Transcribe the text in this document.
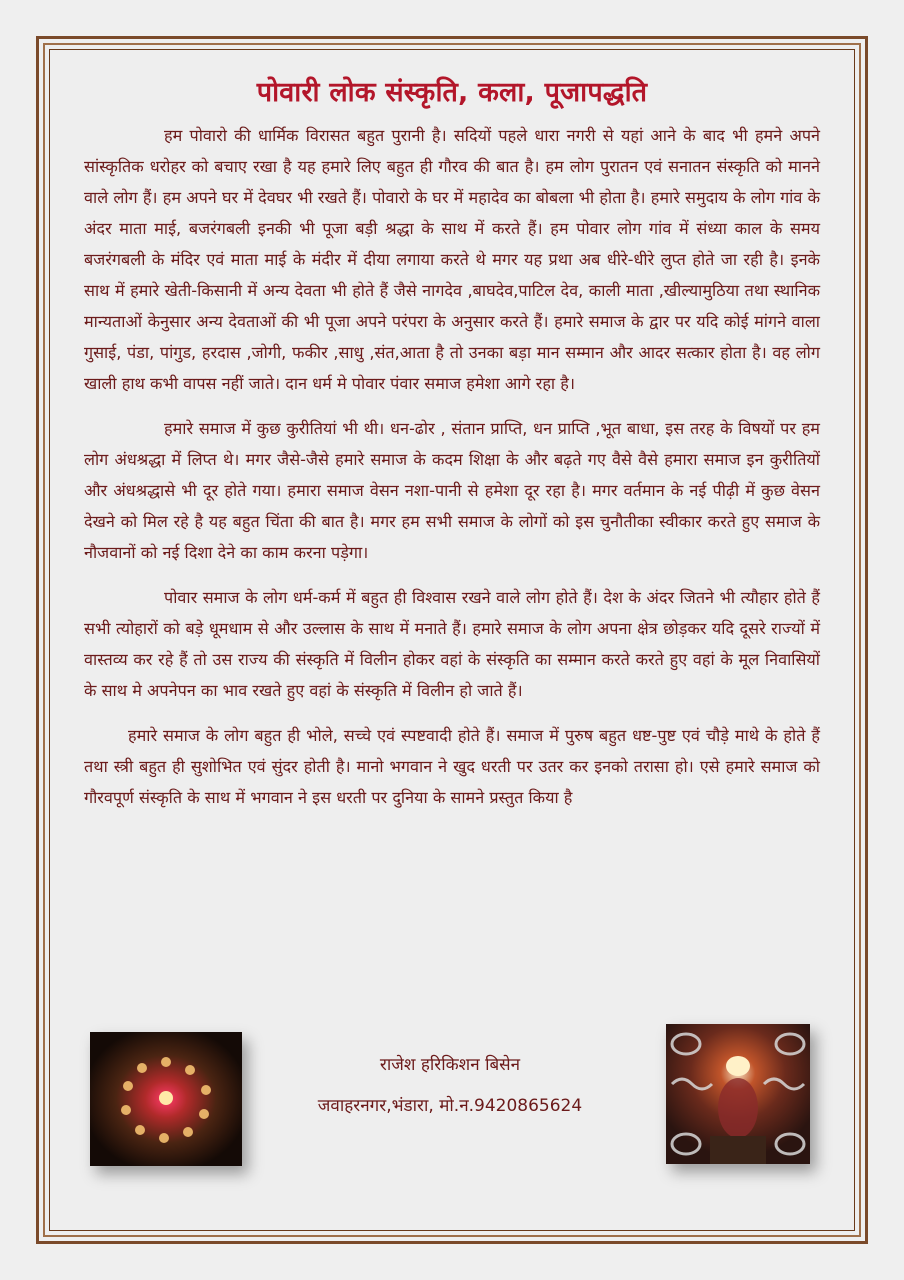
पोवारी लोक संस्कृति, कला, पूजापद्धति

हम पोवारो की धार्मिक विरासत बहुत पुरानी है। सदियों पहले धारा नगरी से यहां आने के बाद भी हमने अपने सांस्कृतिक धरोहर को बचाए रखा है यह हमारे लिए बहुत ही गौरव की बात है। हम लोग पुरातन एवं सनातन संस्कृति को मानने वाले लोग हैं। हम अपने घर में देवघर भी रखते हैं। पोवारो के घर में महादेव का बोबला भी होता है। हमारे समुदाय के लोग गांव के अंदर माता माई, बजरंगबली इनकी भी पूजा बड़ी श्रद्धा के साथ में करते हैं। हम पोवार लोग गांव में संध्या काल के समय बजरंगबली के मंदिर एवं माता माई के मंदीर में दीया लगाया करते थे मगर यह प्रथा अब धीरे-धीरे लुप्त होते जा रही है। इनके साथ में हमारे खेती-किसानी में अन्य देवता भी होते हैं जैसे नागदेव ,बाघदेव,पाटिल देव, काली माता ,खील्यामुठिया तथा स्थानिक मान्यताओं केनुसार अन्य देवताओं की भी पूजा अपने परंपरा के अनुसार करते हैं। हमारे समाज के द्वार पर यदि कोई मांगने वाला गुसाई, पंडा, पांगुड, हरदास ,जोगी, फकीर ,साधु ,संत,आता है तो उनका बड़ा मान सम्मान और आदर सत्कार होता है। वह लोग खाली हाथ कभी वापस नहीं जाते। दान धर्म मे पोवार पंवार समाज हमेशा आगे रहा है।

हमारे समाज में कुछ कुरीतियां भी थी। धन-ढोर , संतान प्राप्ति, धन प्राप्ति ,भूत बाधा, इस तरह के विषयों पर हम लोग अंधश्रद्धा में लिप्त थे। मगर जैसे-जैसे हमारे समाज के कदम शिक्षा के और बढ़ते गए वैसे वैसे हमारा समाज इन कुरीतियों और अंधश्रद्धासे भी दूर होते गया। हमारा समाज वेसन नशा-पानी से हमेशा दूर रहा है। मगर वर्तमान के नई पीढ़ी में कुछ वेसन देखने को मिल रहे है यह बहुत चिंता की बात है। मगर हम सभी समाज के लोगों को इस चुनौतीका स्वीकार करते हुए समाज के नौजवानों को नई दिशा देने का काम करना पड़ेगा।

पोवार समाज के लोग धर्म-कर्म में बहुत ही विश्वास रखने वाले लोग होते हैं। देश के अंदर जितने भी त्यौहार होते हैं सभी त्योहारों को बड़े धूमधाम से और उल्लास के साथ में मनाते हैं। हमारे समाज के लोग अपना क्षेत्र छोड़कर यदि दूसरे राज्यों में वास्तव्य कर रहे हैं तो उस राज्य की संस्कृति में विलीन होकर वहां के संस्कृति का सम्मान करते करते हुए वहां के मूल निवासियों के साथ मे अपनेपन का भाव रखते हुए वहां के संस्कृति में विलीन हो जाते हैं।

हमारे समाज के लोग बहुत ही भोले, सच्चे एवं स्पष्टवादी होते हैं। समाज में पुरुष बहुत धष्ट-पुष्ट एवं चौड़े माथे के होते हैं तथा स्त्री बहुत ही सुशोभित एवं सुंदर होती है। मानो भगवान ने खुद धरती पर उतर कर इनको तरासा हो। एसे हमारे समाज को गौरवपूर्ण संस्कृति के साथ में भगवान ने इस धरती पर दुनिया के सामने प्रस्तुत किया है

राजेश हरिकिशन बिसेन
जवाहरनगर,भंडारा, मो.न.9420865624
